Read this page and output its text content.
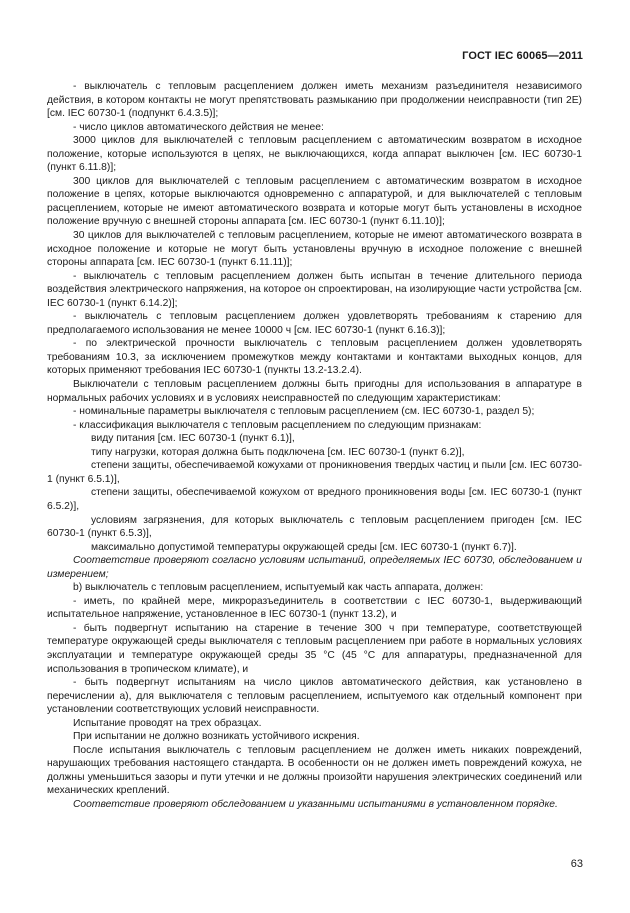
ГОСТ IEC 60065—2011

- выключатель с тепловым расцеплением должен иметь механизм разъединителя независимого действия, в котором контакты не могут препятствовать размыканию при продолжении неисправности (тип 2E) [см. IEC 60730-1 (подпункт 6.4.3.5)];

- число циклов автоматического действия не менее:

3000 циклов для выключателей с тепловым расцеплением с автоматическим возвратом в исходное положение, которые используются в цепях, не выключающихся, когда аппарат выключен [см. IEC 60730-1 (пункт 6.11.8)];

300 циклов для выключателей с тепловым расцеплением с автоматическим возвратом в исходное положение в цепях, которые выключаются одновременно с аппаратурой, и для выключателей с тепловым расцеплением, которые не имеют автоматического возврата и которые могут быть установлены в исходное положение вручную с внешней стороны аппарата [см. IEC 60730-1 (пункт 6.11.10)];

30 циклов для выключателей с тепловым расцеплением, которые не имеют автоматического возврата в исходное положение и которые не могут быть установлены вручную в исходное положение с внешней стороны аппарата [см. IEC 60730-1 (пункт 6.11.11)];

- выключатель с тепловым расцеплением должен быть испытан в течение длительного периода воздействия электрического напряжения, на которое он спроектирован, на изолирующие части устройства [см. IEC 60730-1 (пункт 6.14.2)];

- выключатель с тепловым расцеплением должен удовлетворять требованиям к старению для предполагаемого использования не менее 10000 ч [см. IEC 60730-1 (пункт 6.16.3)];

- по электрической прочности выключатель с тепловым расцеплением должен удовлетворять требованиям 10.3, за исключением промежутков между контактами и контактами выходных концов, для которых применяют требования IEC 60730-1 (пункты 13.2-13.2.4).

Выключатели с тепловым расцеплением должны быть пригодны для использования в аппаратуре в нормальных рабочих условиях и в условиях неисправностей по следующим характеристикам:

- номинальные параметры выключателя с тепловым расцеплением (см. IEC 60730-1, раздел 5);

- классификация выключателя с тепловым расцеплением по следующим признакам:

виду питания [см. IEC 60730-1 (пункт 6.1)],

типу нагрузки, которая должна быть подключена [см. IEC 60730-1 (пункт 6.2)],

степени защиты, обеспечиваемой кожухами от проникновения твердых частиц и пыли [см. IEC 60730-1 (пункт 6.5.1)],

степени защиты, обеспечиваемой кожухом от вредного проникновения воды [см. IEC 60730-1 (пункт 6.5.2)],

условиям загрязнения, для которых выключатель с тепловым расцеплением пригоден [см. IEC 60730-1 (пункт 6.5.3)],

максимально допустимой температуры окружающей среды [см. IEC 60730-1 (пункт 6.7)].

Соответствие проверяют согласно условиям испытаний, определяемых IEC 60730, обследованием и измерением;

b) выключатель с тепловым расцеплением, испытуемый как часть аппарата, должен:

- иметь, по крайней мере, микроразъединитель в соответствии с IEC 60730-1, выдерживающий испытательное напряжение, установленное в IEC 60730-1 (пункт 13.2), и

- быть подвергнут испытанию на старение в течение 300 ч при температуре, соответствующей температуре окружающей среды выключателя с тепловым расцеплением при работе в нормальных условиях эксплуатации и температуре окружающей среды 35 °С (45 °С для аппаратуры, предназначенной для использования в тропическом климате), и

- быть подвергнут испытаниям на число циклов автоматического действия, как установлено в перечислении а), для выключателя с тепловым расцеплением, испытуемого как отдельный компонент при установлении соответствующих условий неисправности.

Испытание проводят на трех образцах.

При испытании не должно возникать устойчивого искрения.

После испытания выключатель с тепловым расцеплением не должен иметь никаких повреждений, нарушающих требования настоящего стандарта. В особенности он не должен иметь повреждений кожуха, не должны уменьшиться зазоры и пути утечки и не должны произойти нарушения электрических соединений или механических креплений.

Соответствие проверяют обследованием и указанными испытаниями в установленном порядке.

63
